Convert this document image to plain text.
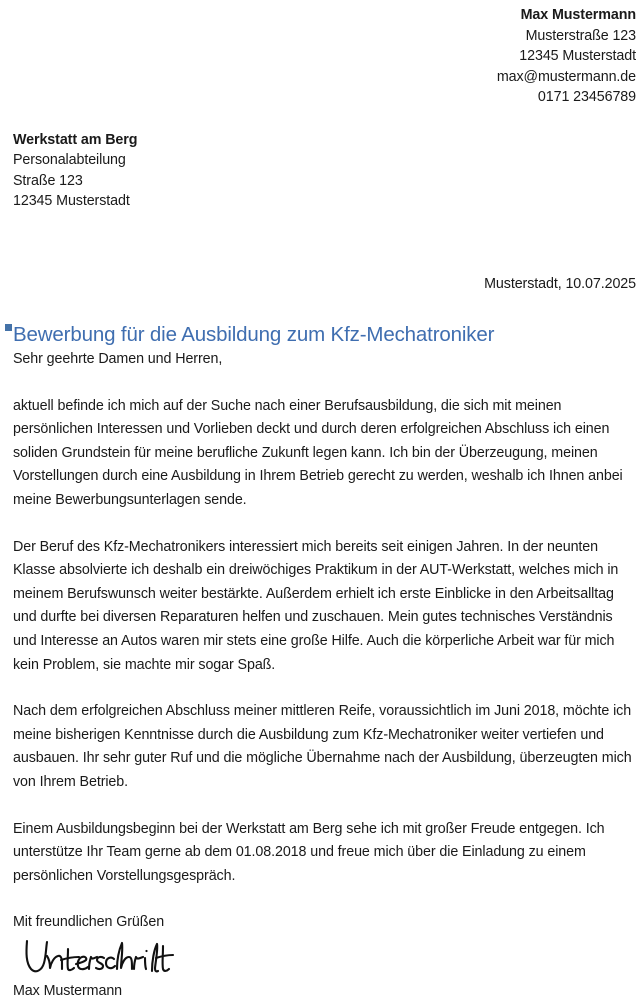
Max Mustermann
Musterstraße 123
12345 Musterstadt
max@mustermann.de
0171 23456789
Werkstatt am Berg
Personalabteilung
Straße 123
12345 Musterstadt
Musterstadt, 10.07.2025
Bewerbung für die Ausbildung zum Kfz-Mechatroniker

Sehr geehrte Damen und Herren,

aktuell befinde ich mich auf der Suche nach einer Berufsausbildung, die sich mit meinen persönlichen Interessen und Vorlieben deckt und durch deren erfolgreichen Abschluss ich einen soliden Grundstein für meine berufliche Zukunft legen kann. Ich bin der Überzeugung, meinen Vorstellungen durch eine Ausbildung in Ihrem Betrieb gerecht zu werden, weshalb ich Ihnen anbei meine Bewerbungsunterlagen sende.

Der Beruf des Kfz-Mechatronikers interessiert mich bereits seit einigen Jahren. In der neunten Klasse absolvierte ich deshalb ein dreiwöchiges Praktikum in der AUT-Werkstatt, welches mich in meinem Berufswunsch weiter bestärkte. Außerdem erhielt ich erste Einblicke in den Arbeitsalltag und durfte bei diversen Reparaturen helfen und zuschauen. Mein gutes technisches Verständnis und Interesse an Autos waren mir stets eine große Hilfe. Auch die körperliche Arbeit war für mich kein Problem, sie machte mir sogar Spaß.

Nach dem erfolgreichen Abschluss meiner mittleren Reife, voraussichtlich im Juni 2018, möchte ich meine bisherigen Kenntnisse durch die Ausbildung zum Kfz-Mechatroniker weiter vertiefen und ausbauen. Ihr sehr guter Ruf und die mögliche Übernahme nach der Ausbildung, überzeugten mich von Ihrem Betrieb.

Einem Ausbildungsbeginn bei der Werkstatt am Berg sehe ich mit großer Freude entgegen. Ich unterstütze Ihr Team gerne ab dem 01.08.2018 und freue mich über die Einladung zu einem persönlichen Vorstellungsgespräch.

Mit freundlichen Grüßen
Max Mustermann
